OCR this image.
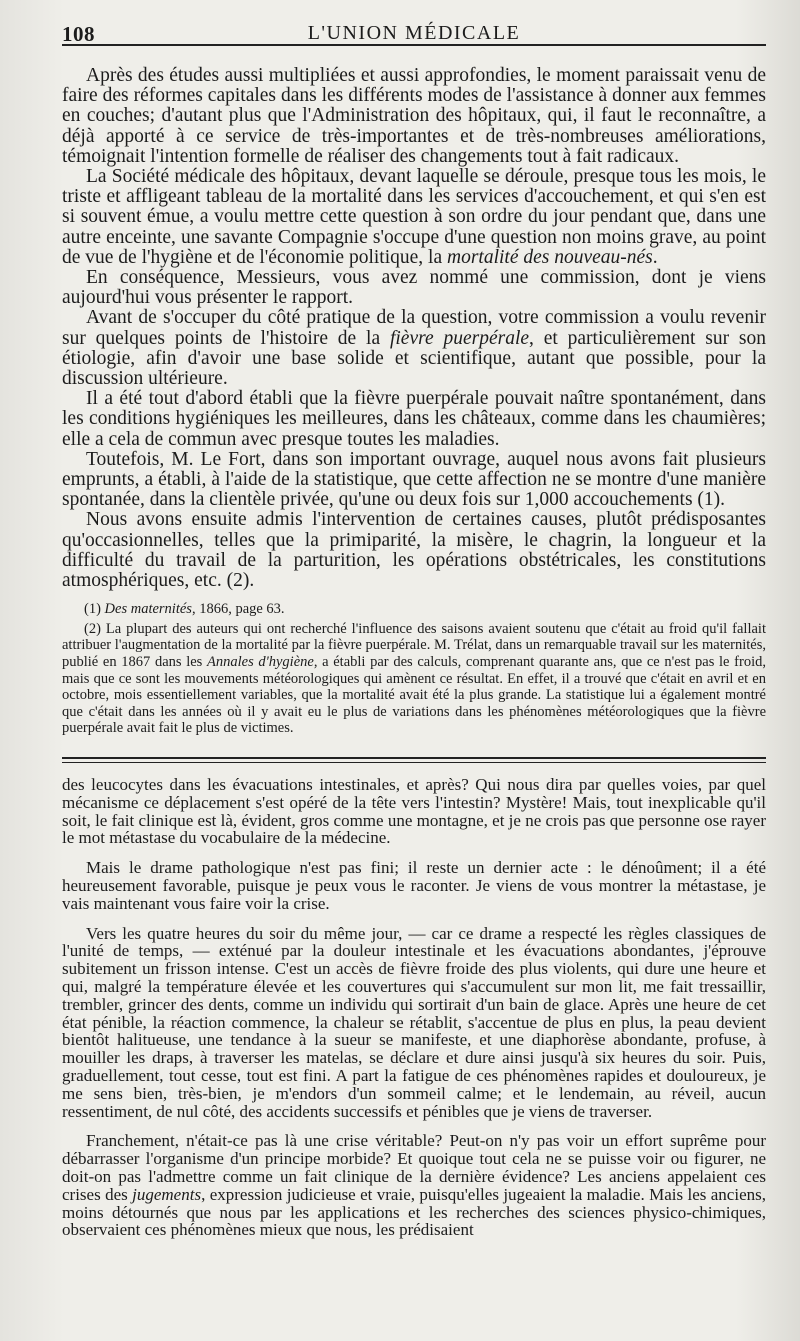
108	L'UNION MÉDICALE

Après des études aussi multipliées et aussi approfondies, le moment paraissait venu de faire des réformes capitales dans les différents modes de l'assistance à donner aux femmes en couches; d'autant plus que l'Administration des hôpitaux, qui, il faut le reconnaître, a déjà apporté à ce service de très-importantes et de très-nombreuses améliorations, témoignait l'intention formelle de réaliser des changements tout à fait radicaux.

La Société médicale des hôpitaux, devant laquelle se déroule, presque tous les mois, le triste et affligeant tableau de la mortalité dans les services d'accouchement, et qui s'en est si souvent émue, a voulu mettre cette question à son ordre du jour pendant que, dans une autre enceinte, une savante Compagnie s'occupe d'une question non moins grave, au point de vue de l'hygiène et de l'économie politique, la mortalité des nouveau-nés.

En conséquence, Messieurs, vous avez nommé une commission, dont je viens aujourd'hui vous présenter le rapport.

Avant de s'occuper du côté pratique de la question, votre commission a voulu revenir sur quelques points de l'histoire de la fièvre puerpérale, et particulièrement sur son étiologie, afin d'avoir une base solide et scientifique, autant que possible, pour la discussion ultérieure.

Il a été tout d'abord établi que la fièvre puerpérale pouvait naître spontanément, dans les conditions hygiéniques les meilleures, dans les châteaux, comme dans les chaumières; elle a cela de commun avec presque toutes les maladies.

Toutefois, M. Le Fort, dans son important ouvrage, auquel nous avons fait plusieurs emprunts, a établi, à l'aide de la statistique, que cette affection ne se montre d'une manière spontanée, dans la clientèle privée, qu'une ou deux fois sur 1,000 accouchements (1).

Nous avons ensuite admis l'intervention de certaines causes, plutôt prédisposantes qu'occasionnelles, telles que la primiparité, la misère, le chagrin, la longueur et la difficulté du travail de la parturition, les opérations obstétricales, les constitutions atmosphériques, etc. (2).

(1) Des maternités, 1866, page 63.

(2) La plupart des auteurs qui ont recherché l'influence des saisons avaient soutenu que c'était au froid qu'il fallait attribuer l'augmentation de la mortalité par la fièvre puerpérale. M. Trélat, dans un remarquable travail sur les maternités, publié en 1867 dans les Annales d'hygiène, a établi par des calculs, comprenant quarante ans, que ce n'est pas le froid, mais que ce sont les mouvements météorologiques qui amènent ce résultat. En effet, il a trouvé que c'était en avril et en octobre, mois essentiellement variables, que la mortalité avait été la plus grande. La statistique lui a également montré que c'était dans les années où il y avait eu le plus de variations dans les phénomènes météorologiques que la fièvre puerpérale avait fait le plus de victimes.

des leucocytes dans les évacuations intestinales, et après? Qui nous dira par quelles voies, par quel mécanisme ce déplacement s'est opéré de la tête vers l'intestin? Mystère! Mais, tout inexplicable qu'il soit, le fait clinique est là, évident, gros comme une montagne, et je ne crois pas que personne ose rayer le mot métastase du vocabulaire de la médecine.

Mais le drame pathologique n'est pas fini; il reste un dernier acte : le dénoûment; il a été heureusement favorable, puisque je peux vous le raconter. Je viens de vous montrer la métastase, je vais maintenant vous faire voir la crise.

Vers les quatre heures du soir du même jour, — car ce drame a respecté les règles classiques de l'unité de temps, — exténué par la douleur intestinale et les évacuations abondantes, j'éprouve subitement un frisson intense. C'est un accès de fièvre froide des plus violents, qui dure une heure et qui, malgré la température élevée et les couvertures qui s'accumulent sur mon lit, me fait tressaillir, trembler, grincer des dents, comme un individu qui sortirait d'un bain de glace. Après une heure de cet état pénible, la réaction commence, la chaleur se rétablit, s'accentue de plus en plus, la peau devient bientôt halitueuse, une tendance à la sueur se manifeste, et une diaphorèse abondante, profuse, à mouiller les draps, à traverser les matelas, se déclare et dure ainsi jusqu'à six heures du soir. Puis, graduellement, tout cesse, tout est fini. A part la fatigue de ces phénomènes rapides et douloureux, je me sens bien, très-bien, je m'endors d'un sommeil calme; et le lendemain, au réveil, aucun ressentiment, de nul côté, des accidents successifs et pénibles que je viens de traverser.

Franchement, n'était-ce pas là une crise véritable? Peut-on n'y pas voir un effort suprême pour débarrasser l'organisme d'un principe morbide? Et quoique tout cela ne se puisse voir ou figurer, ne doit-on pas l'admettre comme un fait clinique de la dernière évidence? Les anciens appelaient ces crises des jugements, expression judicieuse et vraie, puisqu'elles jugeaient la maladie. Mais les anciens, moins détournés que nous par les applications et les recherches des sciences physico-chimiques, observaient ces phénomènes mieux que nous, les prédisaient
